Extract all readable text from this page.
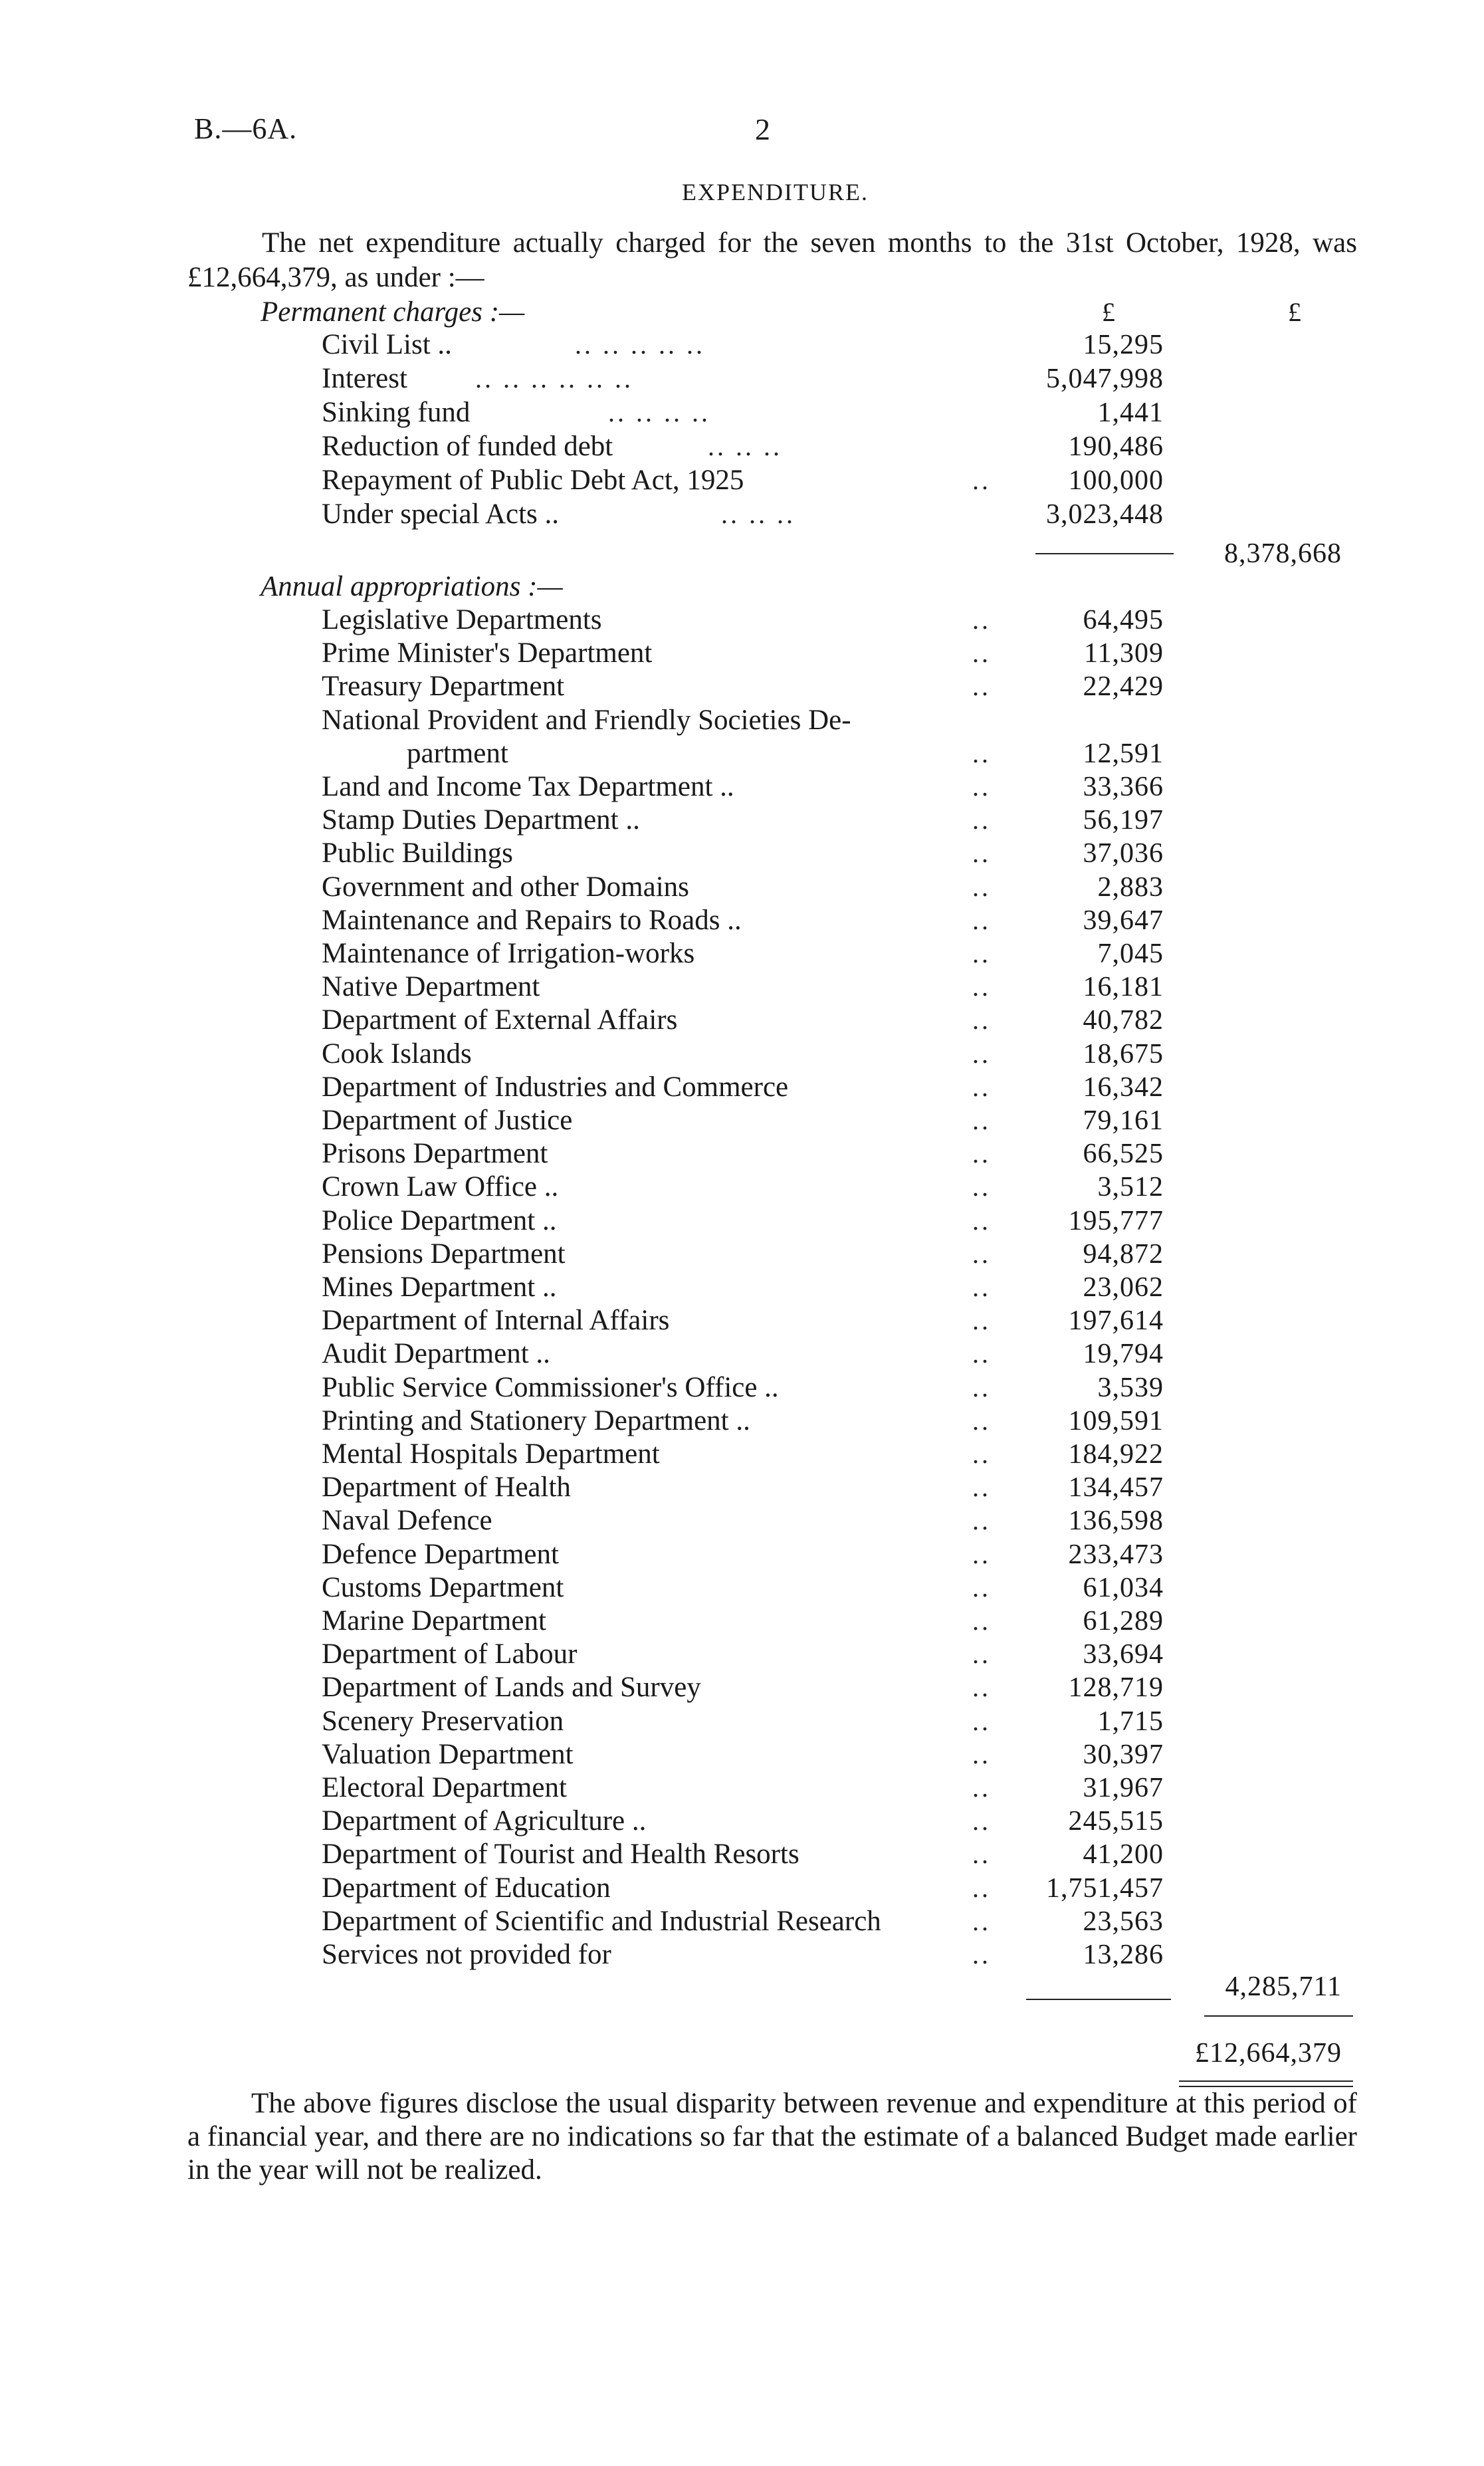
B.—6A.	2
EXPENDITURE.

The net expenditure actually charged for the seven months to the 31st October, 1928, was £12,664,379, as under :—

£	£
Permanent charges :—
Civil List ..	.. .. .. .. ..	15,295
Interest	.. .. .. .. .. ..	5,047,998
Sinking fund	.. .. .. ..	1,441
Reduction of funded debt	.. .. ..	190,486
Repayment of Public Debt Act, 1925	..	100,000
Under special Acts ..	.. .. ..	3,023,448
8,378,668
Annual appropriations :—
Legislative Departments	..	64,495
Prime Minister's Department	..	11,309
Treasury Department	..	22,429
National Provident and Friendly Societies De-
partment	..	12,591
Land and Income Tax Department ..	..	33,366
Stamp Duties Department ..	..	56,197
Public Buildings	..	37,036
Government and other Domains	..	2,883
Maintenance and Repairs to Roads ..	..	39,647
Maintenance of Irrigation-works	..	7,045
Native Department	..	16,181
Department of External Affairs	..	40,782
Cook Islands	..	18,675
Department of Industries and Commerce	..	16,342
Department of Justice	..	79,161
Prisons Department	..	66,525
Crown Law Office ..	..	3,512
Police Department ..	..	195,777
Pensions Department	..	94,872
Mines Department ..	..	23,062
Department of Internal Affairs	..	197,614
Audit Department ..	..	19,794
Public Service Commissioner's Office ..	..	3,539
Printing and Stationery Department ..	..	109,591
Mental Hospitals Department	..	184,922
Department of Health	..	134,457
Naval Defence	..	136,598
Defence Department	..	233,473
Customs Department	..	61,034
Marine Department	..	61,289
Department of Labour	..	33,694
Department of Lands and Survey	..	128,719
Scenery Preservation	..	1,715
Valuation Department	..	30,397
Electoral Department	..	31,967
Department of Agriculture ..	..	245,515
Department of Tourist and Health Resorts	..	41,200
Department of Education	.. 1,751,457
Department of Scientific and Industrial Research	..	23,563
Services not provided for	..	13,286
4,285,711
£12,664,379

The above figures disclose the usual disparity between revenue and expenditure at this period of a financial year, and there are no indications so far that the estimate of a balanced Budget made earlier in the year will not be realized.
